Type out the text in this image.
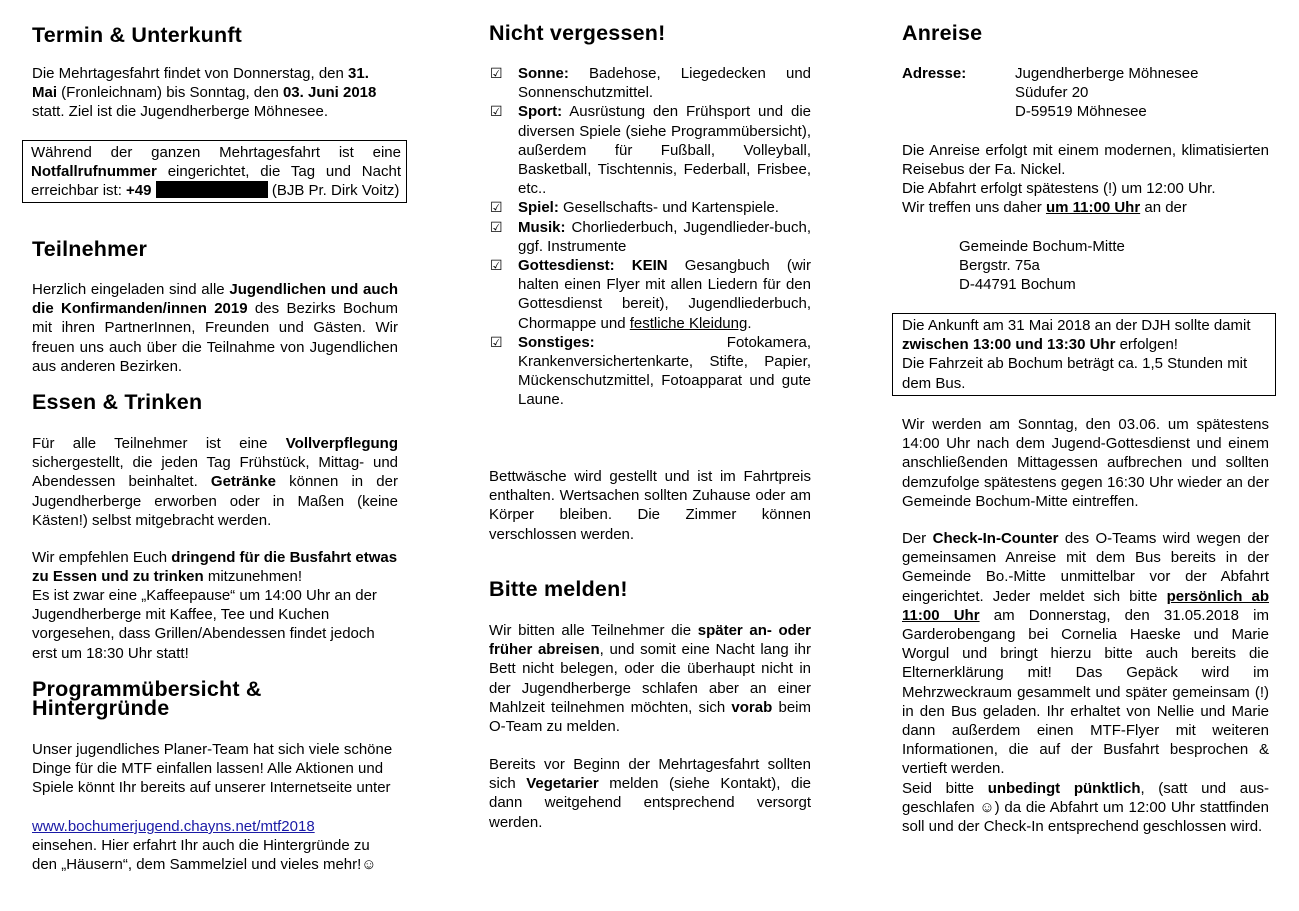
Termin & Unterkunft

Die Mehrtagesfahrt findet von Donnerstag, den 31. Mai (Fronleichnam) bis Sonntag, den 03. Juni 2018 statt. Ziel ist die Jugendherberge Möhnesee.

Während der ganzen Mehrtagesfahrt ist eine Notfallrufnummer eingerichtet, die Tag und Nacht erreichbar ist: +49	(BJB Pr. Dirk Voitz)
Teilnehmer

Herzlich eingeladen sind alle Jugendlichen und auch die Konfirmanden/innen 2019 des Bezirks Bochum mit ihren PartnerInnen, Freunden und Gästen. Wir freuen uns auch über die Teilnahme von Jugendlichen aus anderen Bezirken.

Essen & Trinken

Für alle Teilnehmer ist eine Vollverpflegung sichergestellt, die jeden Tag Frühstück, Mittag- und Abendessen beinhaltet. Getränke können in der Jugendherberge erworben oder in Maßen (keine Kästen!) selbst mitgebracht werden.

Wir empfehlen Euch dringend für die Busfahrt etwas zu Essen und zu trinken mitzunehmen!

Es ist zwar eine „Kaffeepause“ um 14:00 Uhr an der Jugendherberge mit Kaffee, Tee und Kuchen vorgesehen, dass Grillen/Abendessen findet jedoch erst um 18:30 Uhr statt!

Programmübersicht &
Hintergründe

Unser jugendliches Planer-Team hat sich viele schöne Dinge für die MTF einfallen lassen! Alle Aktionen und Spiele könnt Ihr bereits auf unserer Internetseite unter

www.bochumerjugend.chayns.net/mtf2018

einsehen. Hier erfahrt Ihr auch die Hintergründe zu den „Häusern“, dem Sammelziel und vieles mehr!☺

Nicht vergessen!
☑ Sonne: Badehose, Liegedecken und Sonnenschutzmittel.
☑ Sport: Ausrüstung den Frühsport und die diversen Spiele (siehe Programmübersicht), außerdem für Fußball, Volleyball, Basketball, Tischtennis, Federball, Frisbee, etc..
☑ Spiel: Gesellschafts- und Kartenspiele.
☑ Musik: Chorliederbuch, Jugendlieder-buch, ggf. Instrumente
☑ Gottesdienst: KEIN Gesangbuch (wir halten einen Flyer mit allen Liedern für den Gottesdienst bereit), Jugendliederbuch, Chormappe und festliche Kleidung.
☑ Sonstiges: Fotokamera, Krankenversichertenkarte, Stifte, Papier, Mückenschutzmittel, Fotoapparat und gute Laune.

Bettwäsche wird gestellt und ist im Fahrtpreis enthalten. Wertsachen sollten Zuhause oder am Körper bleiben. Die Zimmer können verschlossen werden.

Bitte melden!

Wir bitten alle Teilnehmer die später an- oder früher abreisen, und somit eine Nacht lang ihr Bett nicht belegen, oder die überhaupt nicht in der Jugendherberge schlafen aber an einer Mahlzeit teilnehmen möchten, sich vorab beim O-Team zu melden.

Bereits vor Beginn der Mehrtagesfahrt sollten sich Vegetarier melden (siehe Kontakt), die dann weitgehend entsprechend versorgt werden.

Anreise
Adresse:	Jugendherberge Möhnesee
Südufer 20
D-59519 Möhnesee

Die Anreise erfolgt mit einem modernen, klimatisierten Reisebus der Fa. Nickel.

Die Abfahrt erfolgt spätestens (!) um 12:00 Uhr.

Wir treffen uns daher um 11:00 Uhr an der

Gemeinde Bochum-Mitte
Bergstr. 75a
D-44791 Bochum
Die Ankunft am 31 Mai 2018 an der DJH sollte damit zwischen 13:00 und 13:30 Uhr erfolgen!
Die Fahrzeit ab Bochum beträgt ca. 1,5 Stunden mit dem Bus.

Wir werden am Sonntag, den 03.06. um spätestens 14:00 Uhr nach dem Jugend-Gottesdienst und einem anschließenden Mittagessen aufbrechen und sollten demzufolge spätestens gegen 16:30 Uhr wieder an der Gemeinde Bochum-Mitte eintreffen.

Der Check-In-Counter des O-Teams wird wegen der gemeinsamen Anreise mit dem Bus bereits in der Gemeinde Bo.-Mitte unmittelbar vor der Abfahrt eingerichtet. Jeder meldet sich bitte persönlich ab 11:00 Uhr am Donnerstag, den 31.05.2018 im Garderobengang bei Cornelia Haeske und Marie Worgul und bringt hierzu bitte auch bereits die Elternerklärung mit! Das Gepäck wird im Mehrzweckraum gesammelt und später gemeinsam (!) in den Bus geladen. Ihr erhaltet von Nellie und Marie dann außerdem einen MTF-Flyer mit weiteren Informationen, die auf der Busfahrt besprochen & vertieft werden.

Seid bitte unbedingt pünktlich, (satt und aus-geschlafen ☺) da die Abfahrt um 12:00 Uhr stattfinden soll und der Check-In entsprechend geschlossen wird.
